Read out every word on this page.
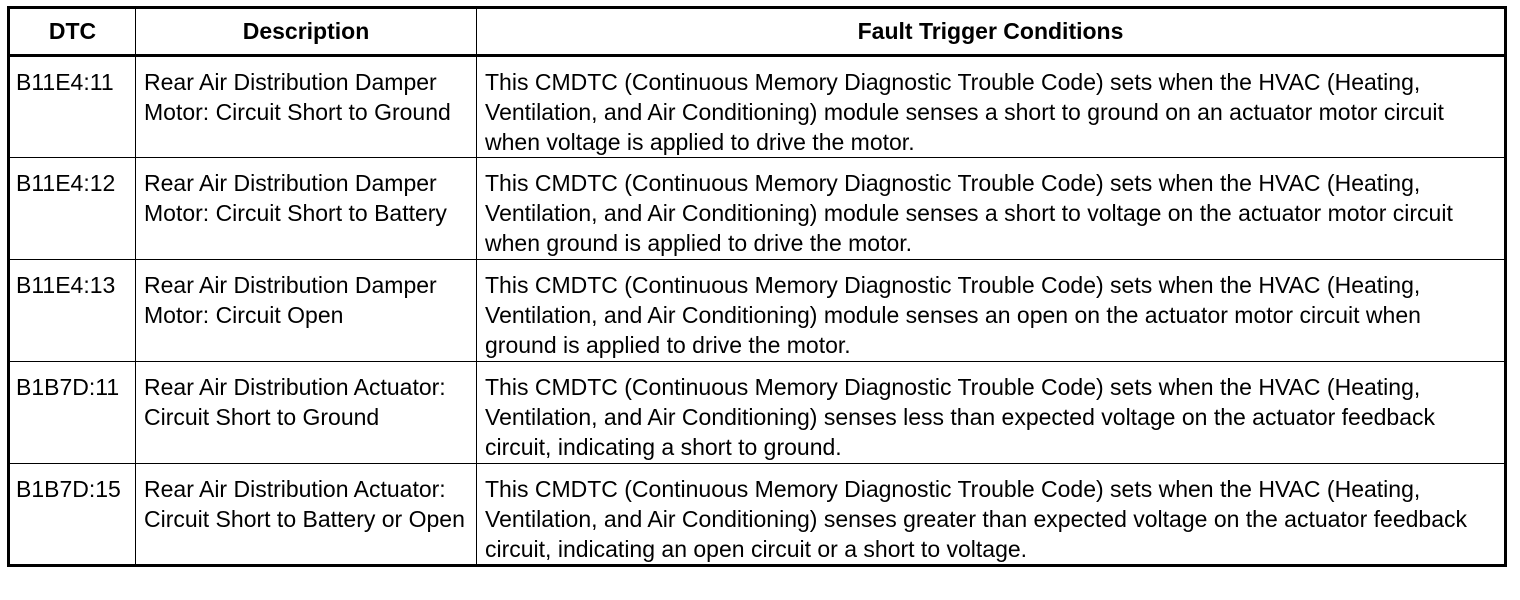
DTC	Description	Fault Trigger Conditions
B11E4:11	Rear Air Distribution Damper Motor: Circuit Short to Ground	This CMDTC (Continuous Memory Diagnostic Trouble Code) sets when the HVAC (Heating, Ventilation, and Air Conditioning) module senses a short to ground on an actuator motor circuit when voltage is applied to drive the motor.
B11E4:12	Rear Air Distribution Damper Motor: Circuit Short to Battery	This CMDTC (Continuous Memory Diagnostic Trouble Code) sets when the HVAC (Heating, Ventilation, and Air Conditioning) module senses a short to voltage on the actuator motor circuit when ground is applied to drive the motor.
B11E4:13	Rear Air Distribution Damper Motor: Circuit Open	This CMDTC (Continuous Memory Diagnostic Trouble Code) sets when the HVAC (Heating, Ventilation, and Air Conditioning) module senses an open on the actuator motor circuit when ground is applied to drive the motor.
B1B7D:11	Rear Air Distribution Actuator: Circuit Short to Ground	This CMDTC (Continuous Memory Diagnostic Trouble Code) sets when the HVAC (Heating, Ventilation, and Air Conditioning) senses less than expected voltage on the actuator feedback circuit, indicating a short to ground.
B1B7D:15	Rear Air Distribution Actuator: Circuit Short to Battery or Open	This CMDTC (Continuous Memory Diagnostic Trouble Code) sets when the HVAC (Heating, Ventilation, and Air Conditioning) senses greater than expected voltage on the actuator feedback circuit, indicating an open circuit or a short to voltage.
